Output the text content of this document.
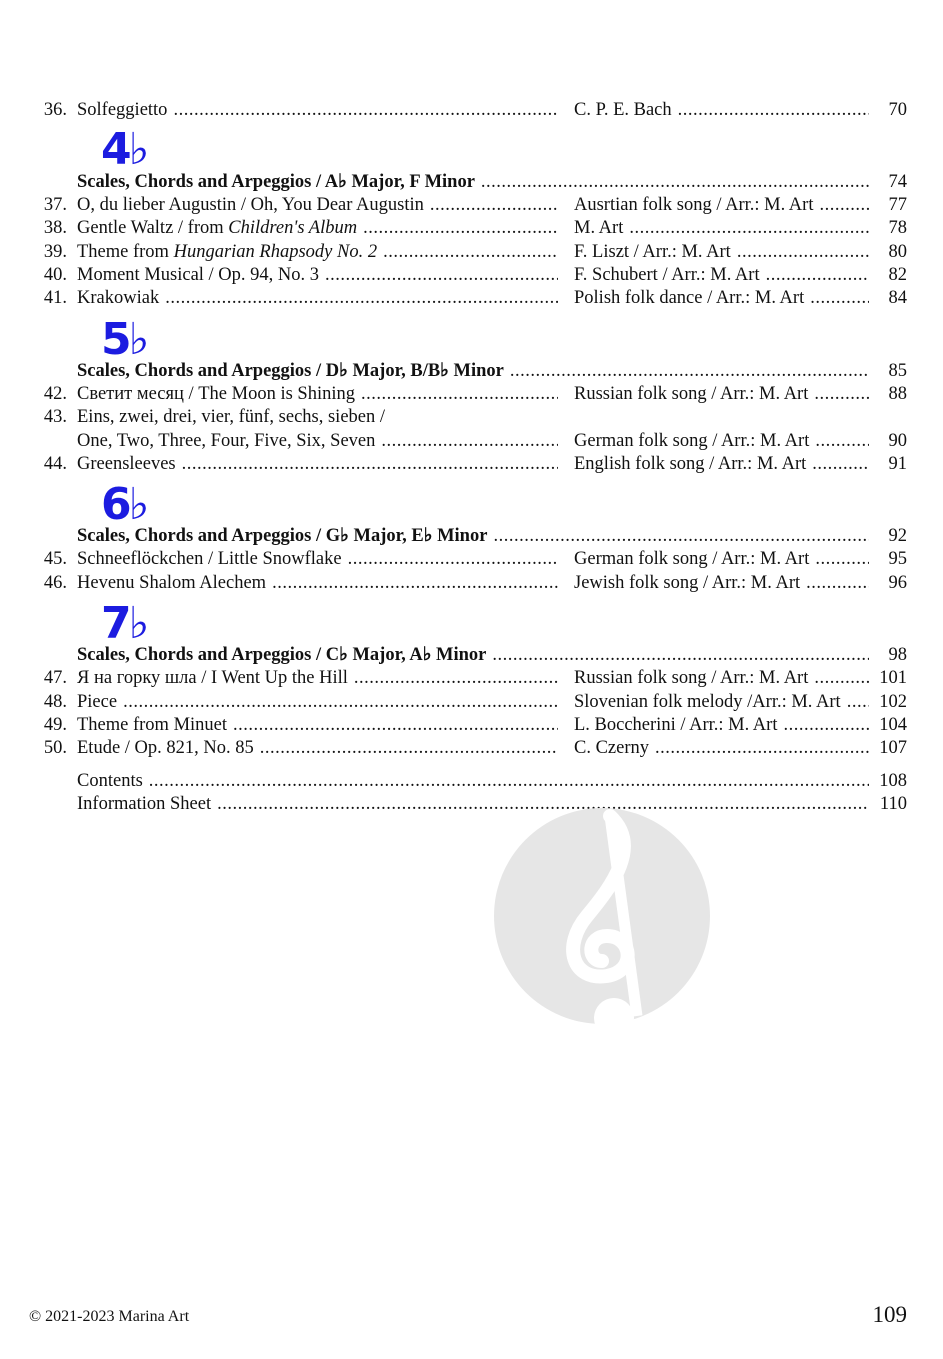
36. Solfeggietto .....	C. P. E. Bach .....	70
4♭
Scales, Chords and Arpeggios / A♭ Major, F Minor .....	74
37. O, du lieber Augustin / Oh, You Dear Augustin .....	Ausrtian folk song / Arr.: M. Art .....	77
38. Gentle Waltz / from Children's Album .....	M. Art .....	78
39. Theme from Hungarian Rhapsody No. 2 .....	F. Liszt / Arr.: M. Art .....	80
40. Moment Musical / Op. 94, No. 3 .....	F. Schubert / Arr.: M. Art .....	82
41. Krakowiak .....	Polish folk dance / Arr.: M. Art .....	84
5♭
Scales, Chords and Arpeggios / D♭ Major, B/B♭ Minor .....	85
42. Светит месяц / The Moon is Shining .....	Russian folk song / Arr.: M. Art .....	88
43. Eins, zwei, drei, vier, fünf, sechs, sieben /
One, Two, Three, Four, Five, Six, Seven .....	German folk song / Arr.: M. Art .....	90
44. Greensleeves .....	English folk song / Arr.: M. Art .....	91
6♭
Scales, Chords and Arpeggios / G♭ Major, E♭ Minor .....	92
45. Schneeflöckchen / Little Snowflake .....	German folk song / Arr.: M. Art .....	95
46. Hevenu Shalom Alechem .....	Jewish folk song / Arr.: M. Art .....	96
7♭
Scales, Chords and Arpeggios / C♭ Major, A♭ Minor .....	98
47. Я на горку шла / I Went Up the Hill .....	Russian folk song / Arr.: M. Art .....	101
48. Piece .....	Slovenian folk melody /Arr.: M. Art ..... 102
49. Theme from Minuet .....	L. Boccherini / Arr.: M. Art .....	104
50. Etude / Op. 821, No. 85 .....	C. Czerny .....	107
Contents .....	108
Information Sheet .....	110
© 2021-2023 Marina Art	109
